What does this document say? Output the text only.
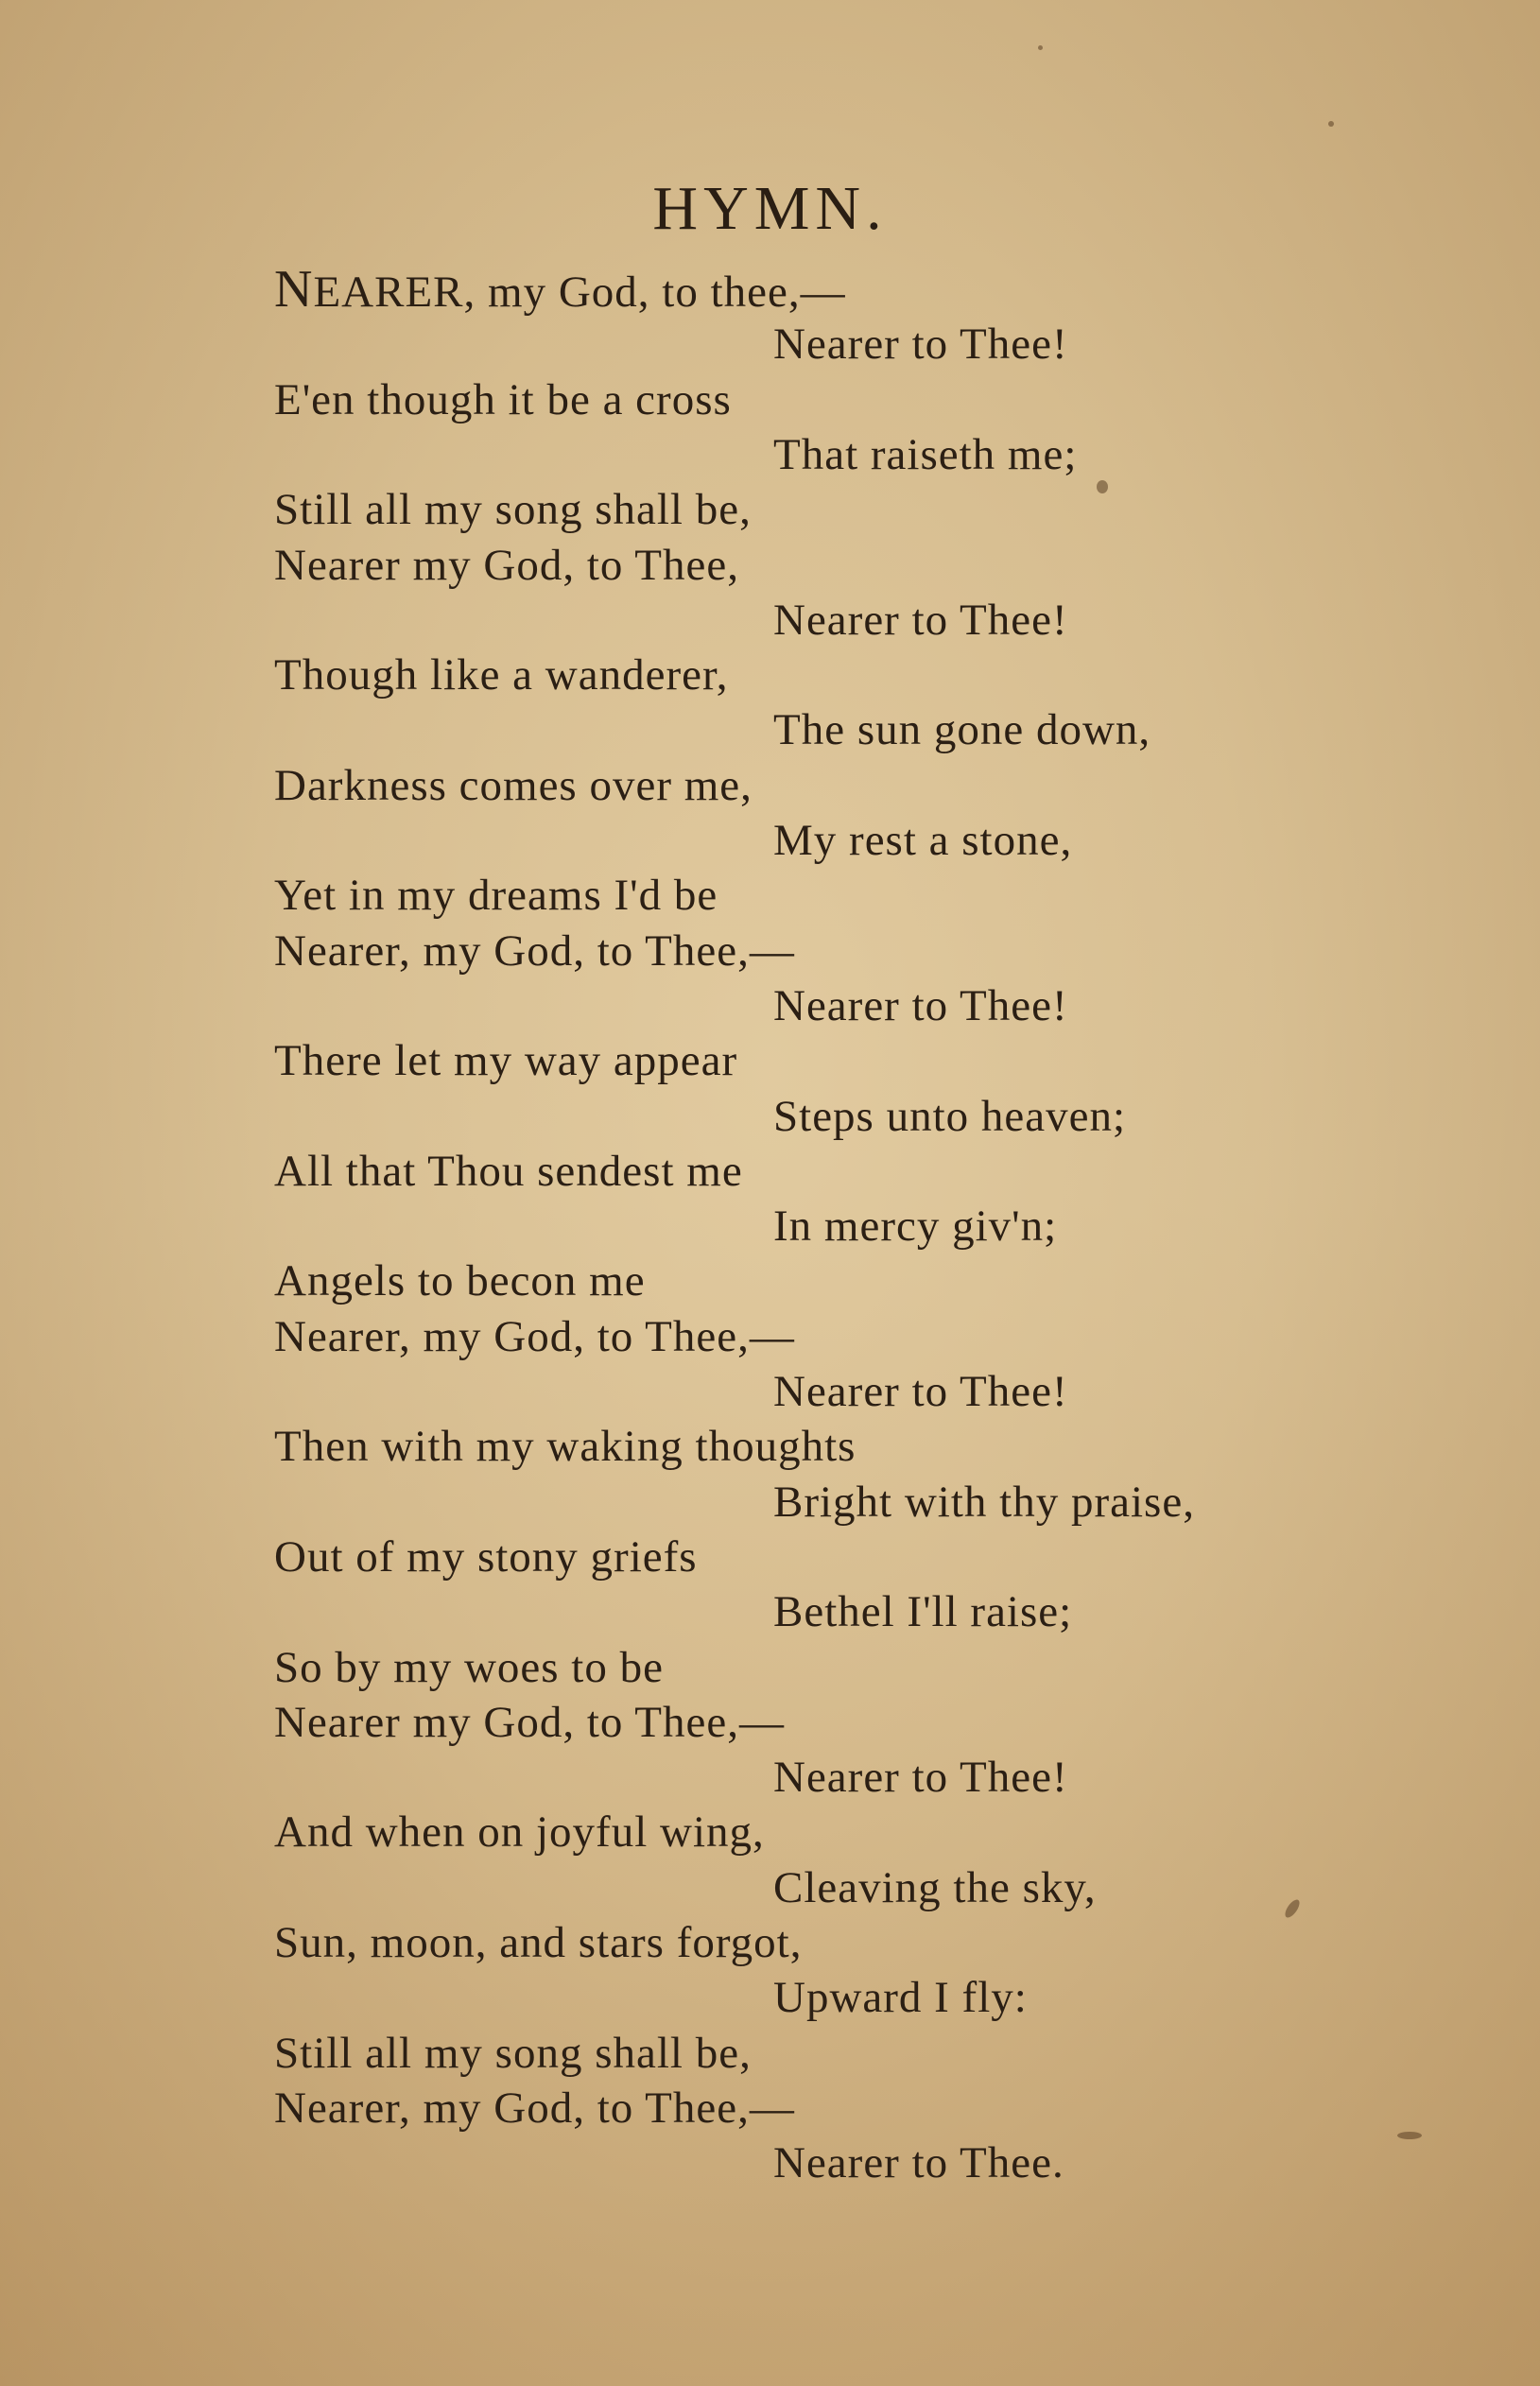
HYMN.
NEARER, my God, to thee,—
Nearer to Thee!
E'en though it be a cross
That raiseth me;
Still all my song shall be,
Nearer my God, to Thee,
Nearer to Thee!
Though like a wanderer,
The sun gone down,
Darkness comes over me,
My rest a stone,
Yet in my dreams I'd be
Nearer, my God, to Thee,—
Nearer to Thee!
There let my way appear
Steps unto heaven;
All that Thou sendest me
In mercy giv'n;
Angels to becon me
Nearer, my God, to Thee,—
Nearer to Thee!
Then with my waking thoughts
Bright with thy praise,
Out of my stony griefs
Bethel I'll raise;
So by my woes to be
Nearer my God, to Thee,—
Nearer to Thee!
And when on joyful wing,
Cleaving the sky,
Sun, moon, and stars forgot,
Upward I fly:
Still all my song shall be,
Nearer, my God, to Thee,—
Nearer to Thee.
